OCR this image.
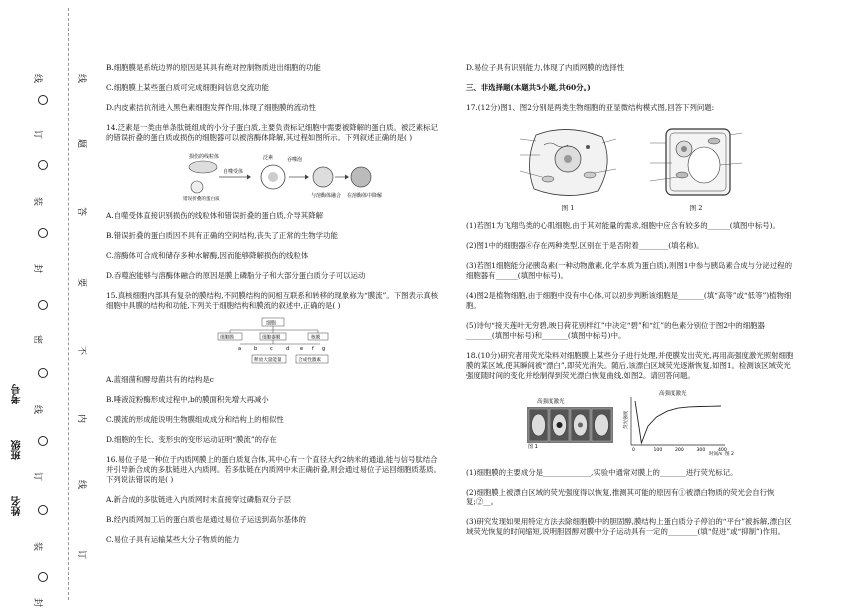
线
订
装
封
密
线
订
装
封
线
题
答
要
不
内
线
订
姓名
班级
考号

B.细胞膜是系统边界的原因是其具有绝对控制物质进出细胞的功能

C.细胞膜上某些蛋白质可完成细胞间信息交流功能

D.内皮素拮抗剂进入黑色素细胞发挥作用,体现了细胞膜的流动性

14.泛素是一类由单条肽链组成的小分子蛋白质,主要负责标记细胞中需要被降解的蛋白质。被泛素标记的错误折叠的蛋白质或损伤的细胞器可以被溶酶体降解,其过程如图所示。下列叙述正确的是( )

损伤的线粒体
错误折叠的蛋白质
自噬受体
吞噬泡
泛素
与溶酶体融合 在溶酶体中降解

A.自噬受体直接识别损伤的线粒体和错误折叠的蛋白质,介导其降解

B.错误折叠的蛋白质因不具有正确的空间结构,丧失了正常的生物学功能

C.溶酶体可合成和储存多种水解酶,因而能够降解损伤的线粒体

D.吞噬泡能够与溶酶体融合的原因是膜上磷脂分子和大部分蛋白质分子可以运动

15.真核细胞内部具有复杂的膜结构,不同膜结构的间相互联系和转移的现象称为“膜流”。下图表示真核细胞中具膜的结构和功能,下列关于细胞结构和膜流的叙述中,正确的是( )

细胞
细胞膜	细胞器膜	核膜
a	b	c	d e f g
释放大量能量	合成性激素

A.蓝细菌和酵母菌共有的结构是c

B.唾液淀粉酶形成过程中,b的膜面积先增大再减小

C.膜流的形成能说明生物膜组成成分和结构上的相似性

D.细胞的生长、变形虫的变形运动证明“膜流”的存在

16.易位子是一种位于内质网膜上的蛋白质复合体,其中心有一个直径大约2纳米的通道,能与信号肽结合并引导新合成的多肽链进入内质网。若多肽链在内质网中未正确折叠,则会通过易位子运回细胞质基质。下列说法错误的是( )

A.新合成的多肽链进入内质网时未直接穿过磷脂双分子层

B.经内质网加工后的蛋白质也是通过易位子运送到高尔基体的

C.易位子具有运输某些大分子物质的能力

D.易位子具有识别能力,体现了内质网膜的选择性

三、非选择题(本题共5小题,共60分。)

17.(12分)图1、图2分别是两类生物细胞的亚显微结构模式图,回答下列问题:

图 1	图 2

(1)若图1为飞翔鸟类的心肌细胞,由于其对能量的需求,细胞中应含有较多的______(填图中标号)。

(2)图1中的细胞器⑥存在两种类型,区别在于是否附着________(填名称)。

(3)若图1细胞能分泌胰岛素(一种动物激素,化学本质为蛋白质),则图1中参与胰岛素合成与分泌过程的细胞器有______(填图中标号)。

(4)图2是植物细胞,由于细胞中没有中心体,可以初步判断该细胞是_______(填“高等”或“低等”)植物细胞。

(5)诗句“接天莲叶无穷碧,映日荷花别样红”中决定“碧”和“红”的色素分别位于图2中的细胞器_______(填图中标号)和_______(填图中标号)中。

18.(10分)研究者用荧光染料对细胞膜上某些分子进行处理,并使膜发出荧光,再用高强度激光照射细胞膜的某区域,使其瞬间被“漂白”,即荧光消失。随后,该漂白区域荧光逐渐恢复,如图1。检测该区域荧光强度随时间的变化并绘制得到荧光漂白恢复曲线,如图2。请回答问题。

高强度激光
图 1
高强度激光
荧光强度
0	100	200	300	400
时间/s 图 2

(1)细胞膜的主要成分是_____________,实验中通常对膜上的_______进行荧光标记。

(2)细胞膜上被漂白区域的荧光强度得以恢复,推测其可能的原因有①被漂白物质的荧光会自行恢复;②__。

(3)研究发现如果用特定方法去除细胞膜中的胆固醇,膜结构上蛋白质分子停泊的“平台”被拆解,漂白区域荧光恢复的时间缩短,说明胆固醇对膜中分子运动具有一定的________(填“促进”或“抑制”)作用。
